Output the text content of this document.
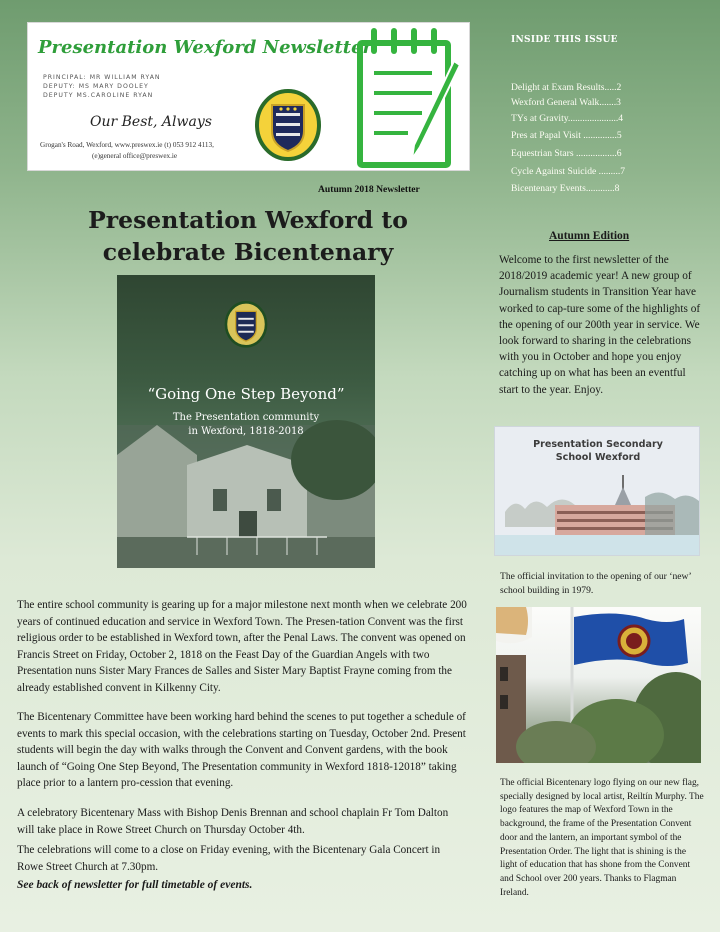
Presentation Wexford Newsletter
PRINCIPAL: MR WILLIAM RYAN
DEPUTY: MS MARY DOOLEY
DEPUTY MS.CAROLINE RYAN
Our Best, Always
Grogan's Road, Wexford, www.preswex.ie (t) 053 912 4113,
(e)general office@preswex.ie
INSIDE THIS ISSUE
Delight at Exam Results.....2
Wexford General Walk.......3
TYs at Gravity.....................4
Pres at Papal Visit ..............5
Equestrian Stars .................6
Cycle Against Suicide .........7
Bicentenary Events............8
Autumn 2018 Newsletter
Presentation Wexford to celebrate Bicentenary
“Going One Step Beyond”
The Presentation community
in Wexford, 1818-2018

The entire school community is gearing up for a major milestone next month when we celebrate 200 years of continued education and service in Wexford Town. The Presen-tation Convent was the first religious order to be established in Wexford town, after the Penal Laws. The convent was opened on Francis Street on Friday, October 2, 1818 on the Feast Day of the Guardian Angels with two Presentation nuns Sister Mary Frances de Salles and Sister Mary Baptist Frayne coming from the already established convent in Kilkenny City.

The Bicentenary Committee have been working hard behind the scenes to put together a schedule of events to mark this special occasion, with the celebrations starting on Tuesday, October 2nd. Present students will begin the day with walks through the Convent and Convent gardens, with the book launch of “Going One Step Beyond, The Presentation community in Wexford 1818-12018” taking place prior to a lantern pro-cession that evening.

A celebratory Bicentenary Mass with Bishop Denis Brennan and school chaplain Fr Tom Dalton will take place in Rowe Street Church on Thursday October 4th.

The celebrations will come to a close on Friday evening, with the Bicentenary Gala Concert in Rowe Street Church at 7.30pm.

See back of newsletter for full timetable of events.

Autumn Edition

Welcome to the first newsletter of the 2018/2019 academic year! A new group of Journalism students in Transition Year have worked to cap-ture some of the highlights of the opening of our 200th year in service. We look forward to sharing in the celebrations with you in October and hope you enjoy catching up on what has been an eventful start to the year. Enjoy.

Presentation Secondary
School Wexford

The official invitation to the opening of our ‘new’ school building in 1979.

The official Bicentenary logo flying on our new flag, specially designed by local artist, Reiltín Murphy. The logo features the map of Wexford Town in the background, the frame of the Presentation Convent door and the lantern, an important symbol of the Presentation Order. The light that is shining is the light of education that has shone from the Convent and School over 200 years. Thanks to Flagman Ireland.
